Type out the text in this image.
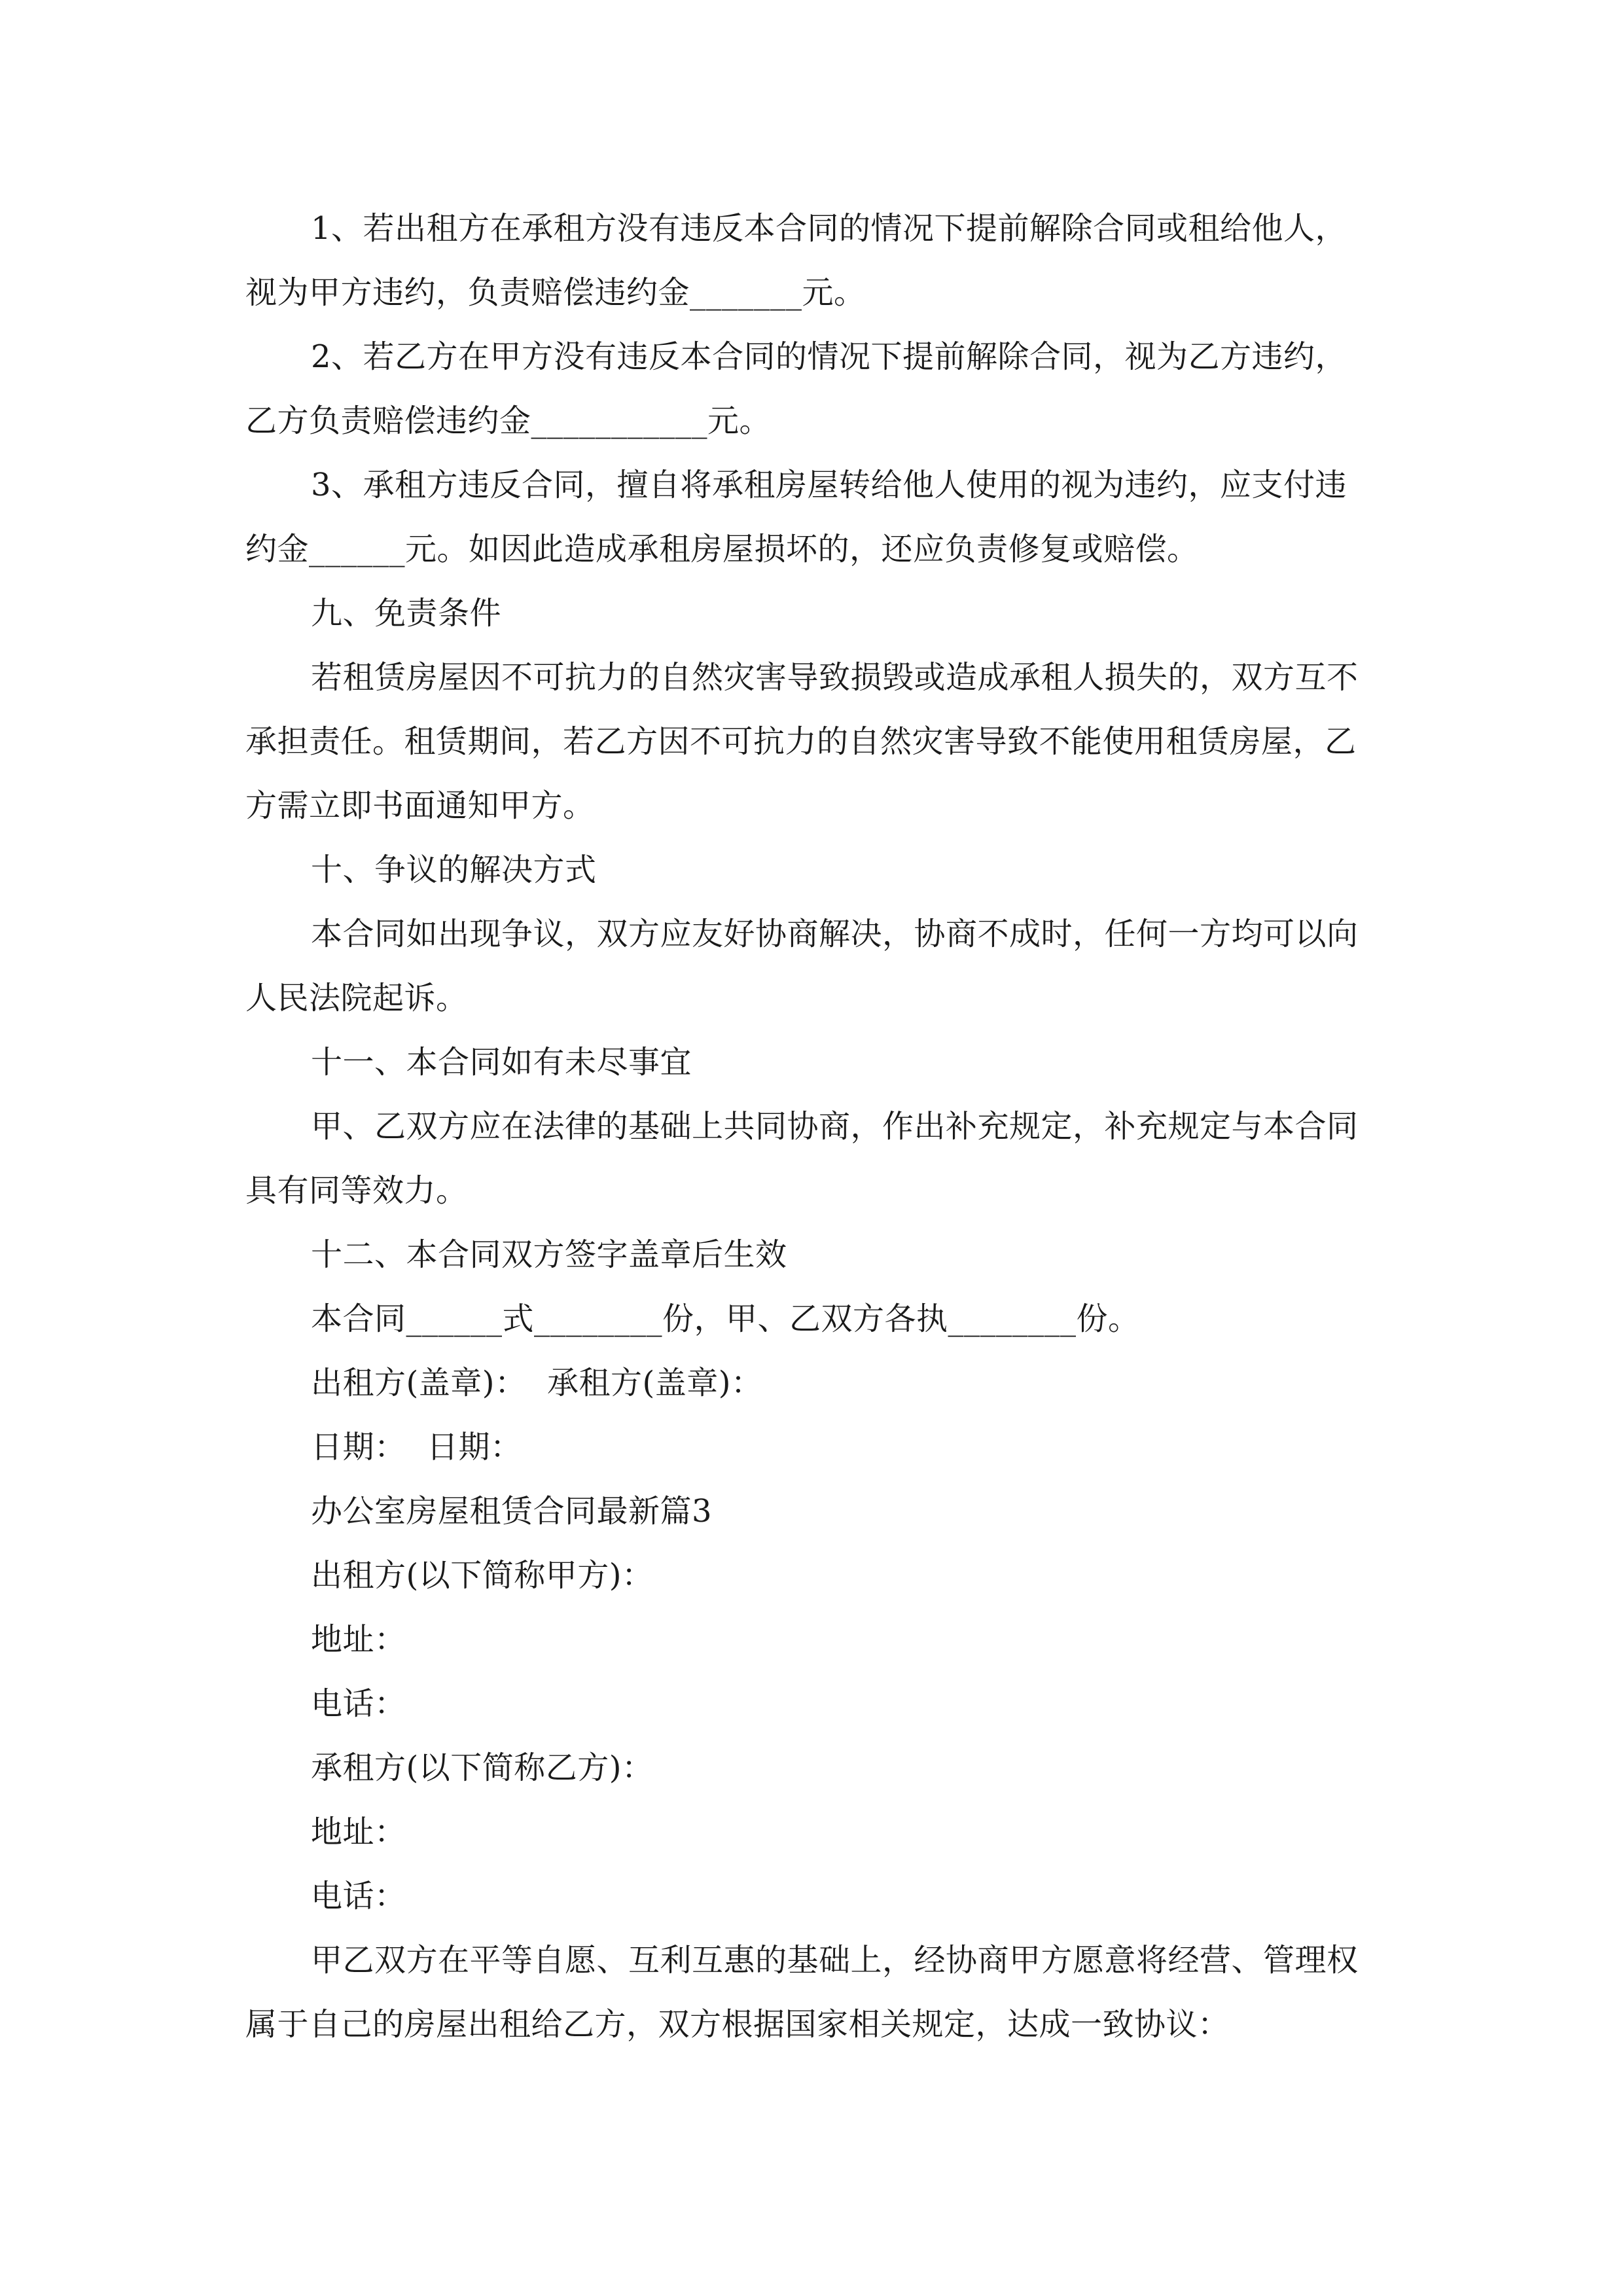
1、若出租方在承租方没有违反本合同的情况下提前解除合同或租给他人，视为甲方违约，负责赔偿违约金_______元。

2、若乙方在甲方没有违反本合同的情况下提前解除合同，视为乙方违约，乙方负责赔偿违约金___________元。

3、承租方违反合同，擅自将承租房屋转给他人使用的视为违约，应支付违约金______元。如因此造成承租房屋损坏的，还应负责修复或赔偿。

九、免责条件

若租赁房屋因不可抗力的自然灾害导致损毁或造成承租人损失的，双方互不承担责任。租赁期间，若乙方因不可抗力的自然灾害导致不能使用租赁房屋，乙方需立即书面通知甲方。

十、争议的解决方式

本合同如出现争议，双方应友好协商解决，协商不成时，任何一方均可以向人民法院起诉。

十一、本合同如有未尽事宜

甲、乙双方应在法律的基础上共同协商，作出补充规定，补充规定与本合同具有同等效力。

十二、本合同双方签字盖章后生效

本合同______式________份，甲、乙双方各执________份。

出租方(盖章)：  承租方(盖章)：

日期：  日期：

办公室房屋租赁合同最新篇3

出租方(以下简称甲方)：

地址：

电话：

承租方(以下简称乙方)：

地址：

电话：

甲乙双方在平等自愿、互利互惠的基础上，经协商甲方愿意将经营、管理权属于自己的房屋出租给乙方，双方根据国家相关规定，达成一致协议：
